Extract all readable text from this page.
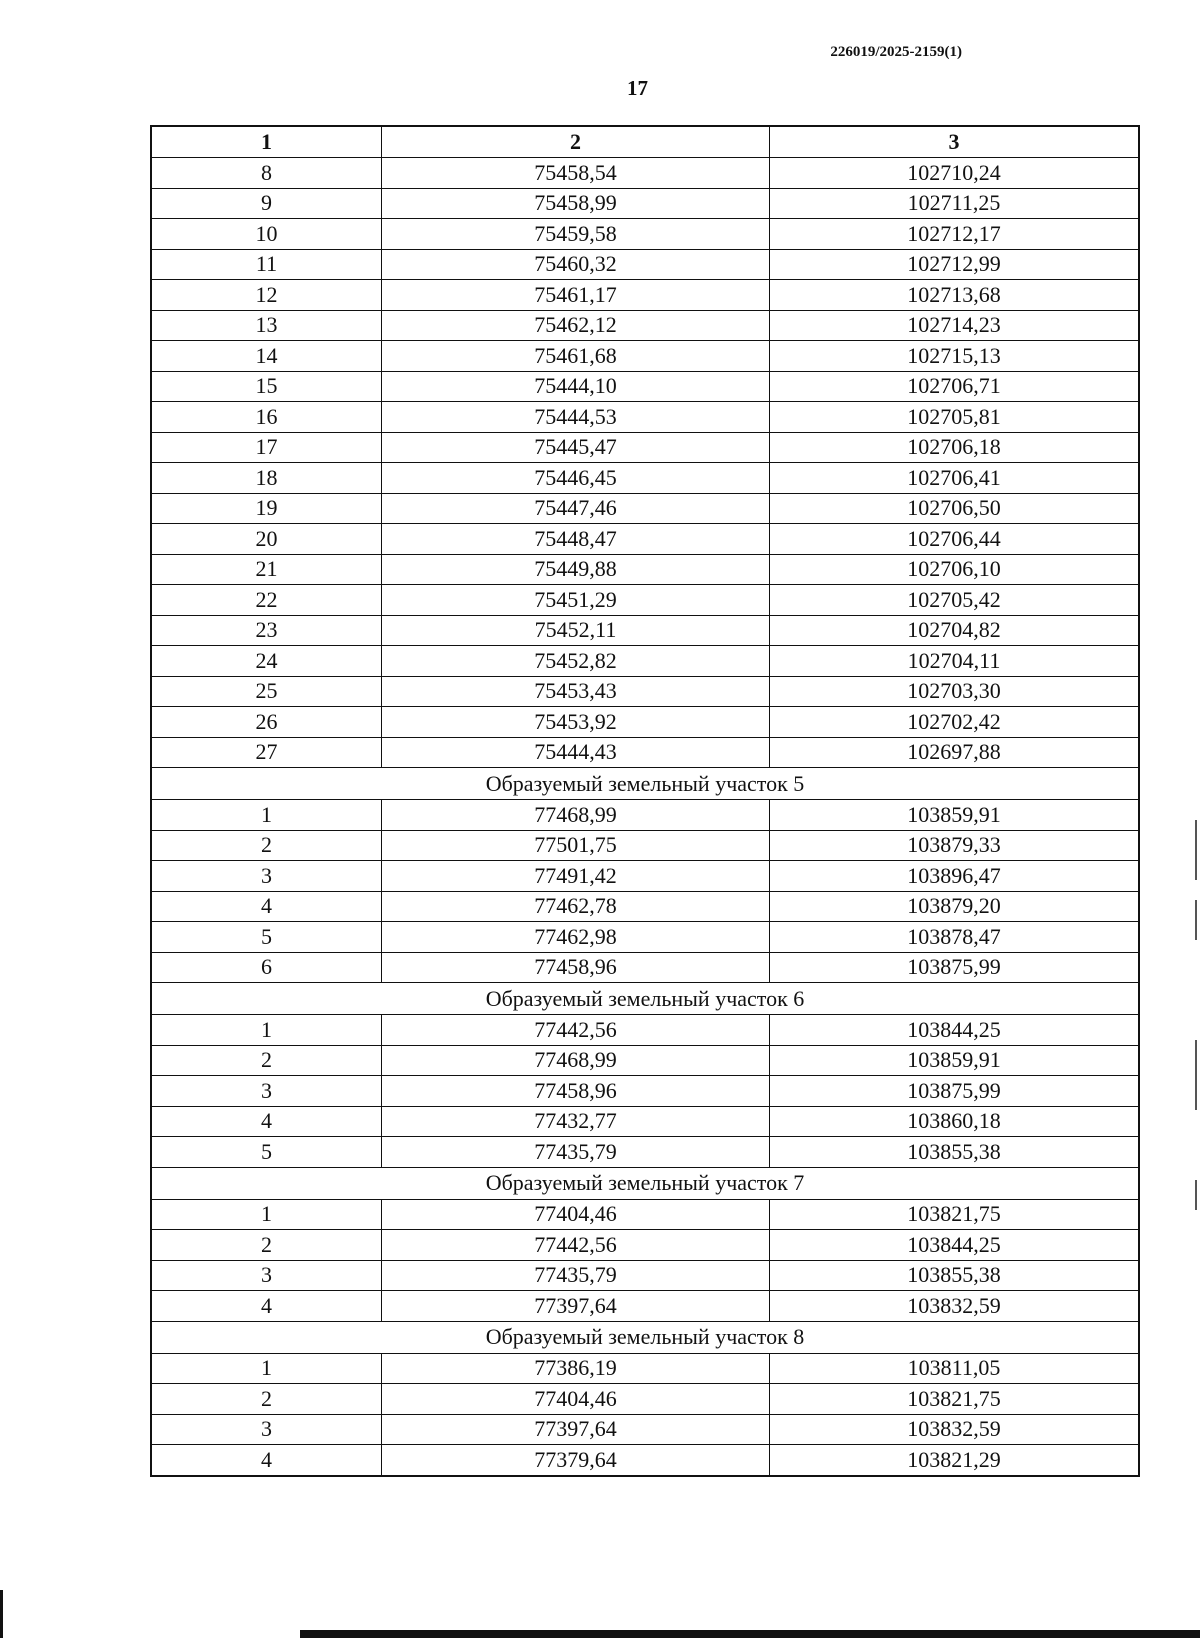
226019/2025-2159(1)
17
1	2	3
8	75458,54	102710,24
9	75458,99	102711,25
10	75459,58	102712,17
11	75460,32	102712,99
12	75461,17	102713,68
13	75462,12	102714,23
14	75461,68	102715,13
15	75444,10	102706,71
16	75444,53	102705,81
17	75445,47	102706,18
18	75446,45	102706,41
19	75447,46	102706,50
20	75448,47	102706,44
21	75449,88	102706,10
22	75451,29	102705,42
23	75452,11	102704,82
24	75452,82	102704,11
25	75453,43	102703,30
26	75453,92	102702,42
27	75444,43	102697,88
Образуемый земельный участок 5		
1	77468,99	103859,91
2	77501,75	103879,33
3	77491,42	103896,47
4	77462,78	103879,20
5	77462,98	103878,47
6	77458,96	103875,99
Образуемый земельный участок 6		
1	77442,56	103844,25
2	77468,99	103859,91
3	77458,96	103875,99
4	77432,77	103860,18
5	77435,79	103855,38
Образуемый земельный участок 7		
1	77404,46	103821,75
2	77442,56	103844,25
3	77435,79	103855,38
4	77397,64	103832,59
Образуемый земельный участок 8		
1	77386,19	103811,05
2	77404,46	103821,75
3	77397,64	103832,59
4	77379,64	103821,29
